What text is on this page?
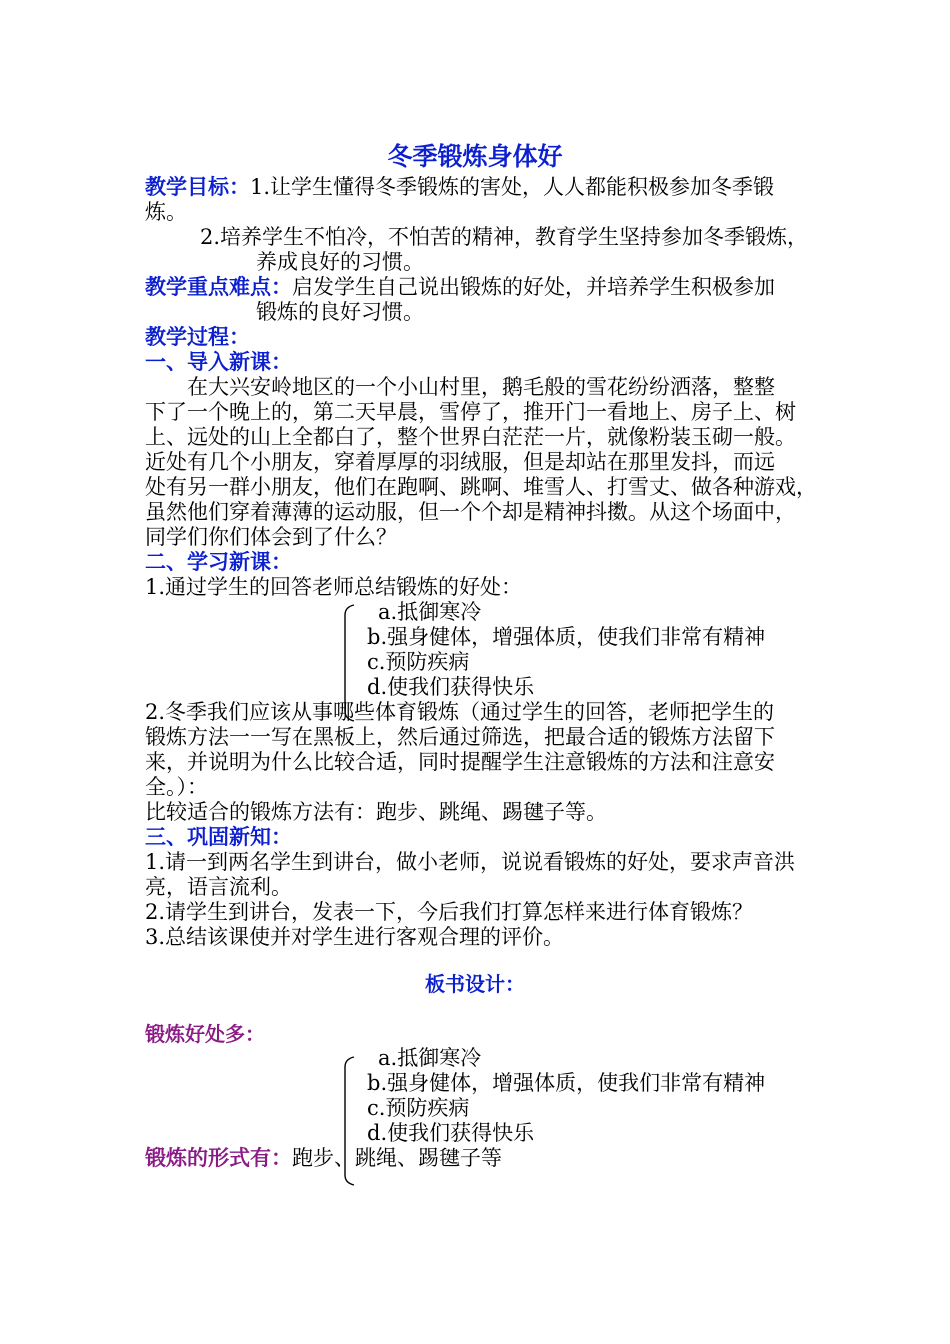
冬季锻炼身体好
教学目标：1.让学生懂得冬季锻炼的害处，人人都能积极参加冬季锻
炼。
2.培养学生不怕冷，不怕苦的精神，教育学生坚持参加冬季锻炼，
养成良好的习惯。
教学重点难点：启发学生自己说出锻炼的好处，并培养学生积极参加
锻炼的良好习惯。
教学过程：
一、导入新课：
在大兴安岭地区的一个小山村里，鹅毛般的雪花纷纷洒落，整整
下了一个晚上的，第二天早晨，雪停了，推开门一看地上、房子上、树
上、远处的山上全都白了，整个世界白茫茫一片，就像粉装玉砌一般。
近处有几个小朋友，穿着厚厚的羽绒服，但是却站在那里发抖，而远
处有另一群小朋友，他们在跑啊、跳啊、堆雪人、打雪丈、做各种游戏，
虽然他们穿着薄薄的运动服，但一个个却是精神抖擞。从这个场面中，
同学们你们体会到了什么？
二、学习新课：
1.通过学生的回答老师总结锻炼的好处：
a.抵御寒冷
b.强身健体，增强体质，使我们非常有精神
c.预防疾病
d.使我们获得快乐
2.冬季我们应该从事哪些体育锻炼（通过学生的回答，老师把学生的
锻炼方法一一写在黑板上，然后通过筛选，把最合适的锻炼方法留下
来，并说明为什么比较合适，同时提醒学生注意锻炼的方法和注意安
全。）：
比较适合的锻炼方法有：跑步、跳绳、踢毽子等。
三、巩固新知：
1.请一到两名学生到讲台，做小老师，说说看锻炼的好处，要求声音洪
亮，语言流利。
2.请学生到讲台，发表一下，今后我们打算怎样来进行体育锻炼？
3.总结该课使并对学生进行客观合理的评价。
板书设计：
锻炼好处多：
a.抵御寒冷
b.强身健体，增强体质，使我们非常有精神
c.预防疾病
d.使我们获得快乐
锻炼的形式有：跑步、跳绳、踢毽子等
